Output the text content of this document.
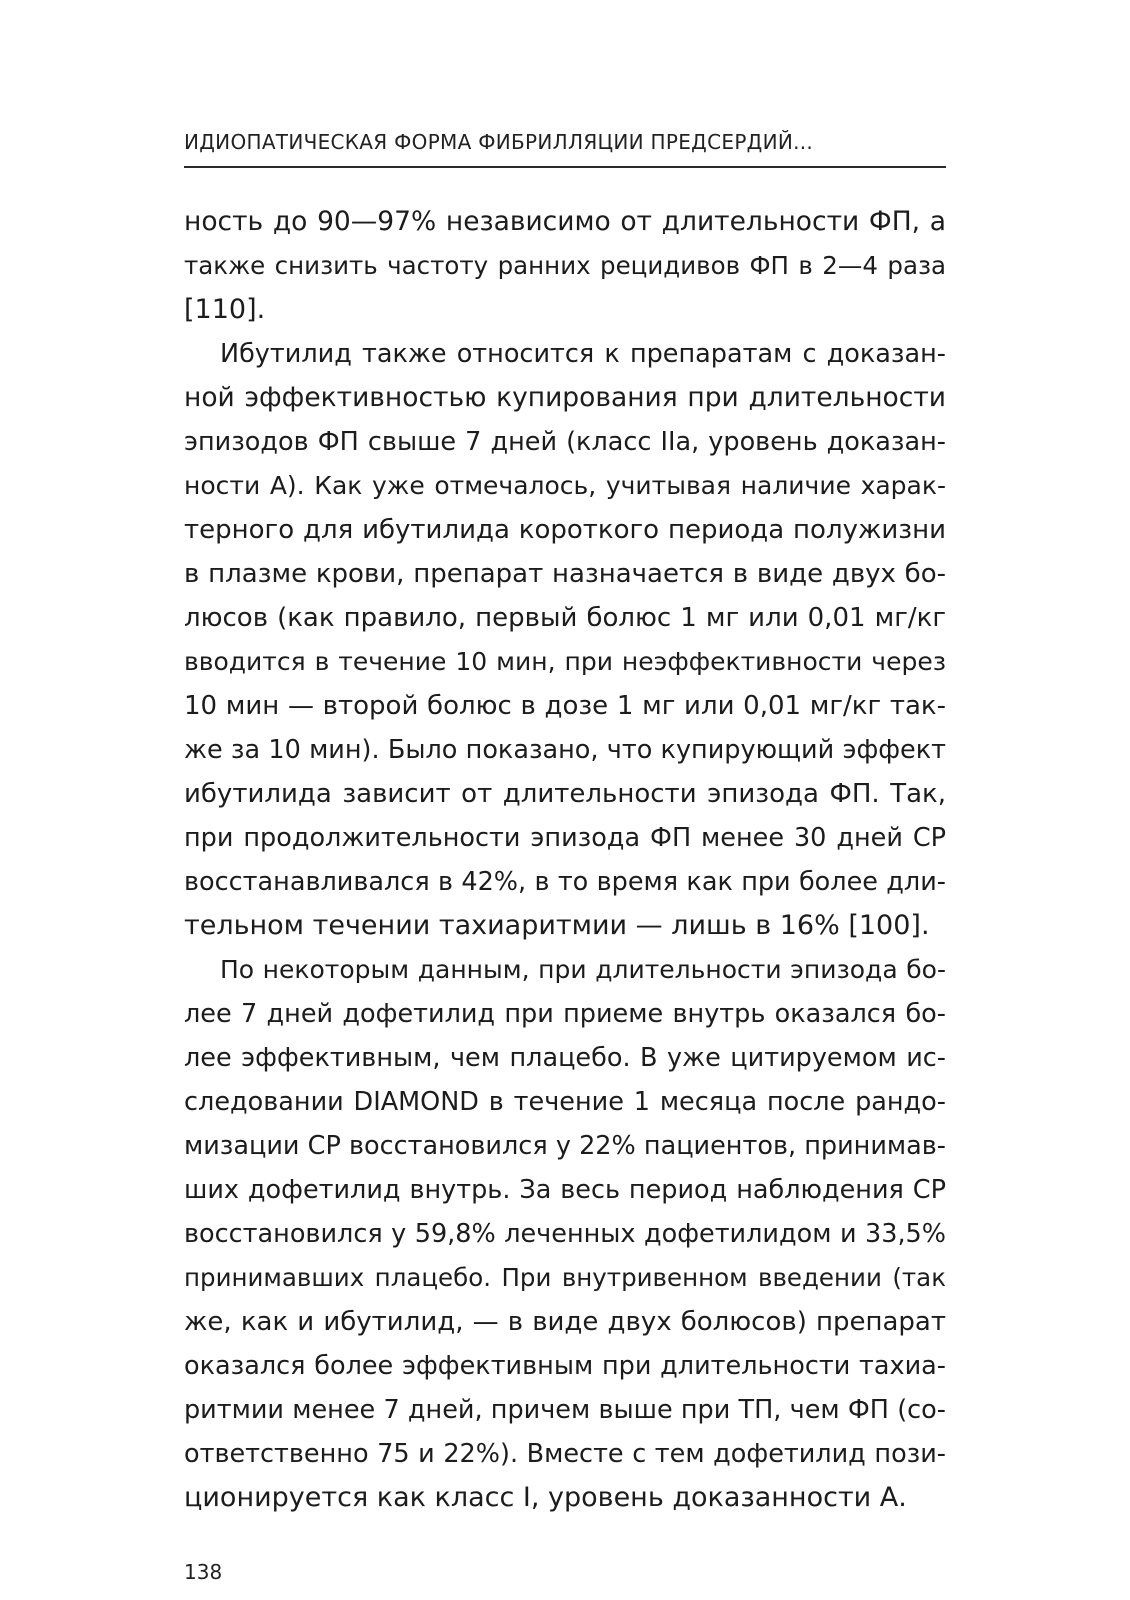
ИДИОПАТИЧЕСКАЯ ФОРМА ФИБРИЛЛЯЦИИ ПРЕДСЕРДИЙ...
ность до 90—97% независимо от длительности ФП, а
также снизить частоту ранних рецидивов ФП в 2—4 раза
[110].
Ибутилид также относится к препаратам с доказан-
ной эффективностью купирования при длительности
эпизодов ФП свыше 7 дней (класс IIa, уровень доказан-
ности А). Как уже отмечалось, учитывая наличие харак-
терного для ибутилида короткого периода полужизни
в плазме крови, препарат назначается в виде двух бо-
люсов (как правило, первый болюс 1 мг или 0,01 мг/кг
вводится в течение 10 мин, при неэффективности через
10 мин — второй болюс в дозе 1 мг или 0,01 мг/кг так-
же за 10 мин). Было показано, что купирующий эффект
ибутилида зависит от длительности эпизода ФП. Так,
при продолжительности эпизода ФП менее 30 дней СР
восстанавливался в 42%, в то время как при более дли-
тельном течении тахиаритмии — лишь в 16% [100].
По некоторым данным, при длительности эпизода бо-
лее 7 дней дофетилид при приеме внутрь оказался бо-
лее эффективным, чем плацебо. В уже цитируемом ис-
следовании DIAMOND в течение 1 месяца после рандо-
мизации СР восстановился у 22% пациентов, принимав-
ших дофетилид внутрь. За весь период наблюдения СР
восстановился у 59,8% леченных дофетилидом и 33,5%
принимавших плацебо. При внутривенном введении (так
же, как и ибутилид, — в виде двух болюсов) препарат
оказался более эффективным при длительности тахиа-
ритмии менее 7 дней, причем выше при ТП, чем ФП (со-
ответственно 75 и 22%). Вместе с тем дофетилид пози-
ционируется как класс I, уровень доказанности А.
138
